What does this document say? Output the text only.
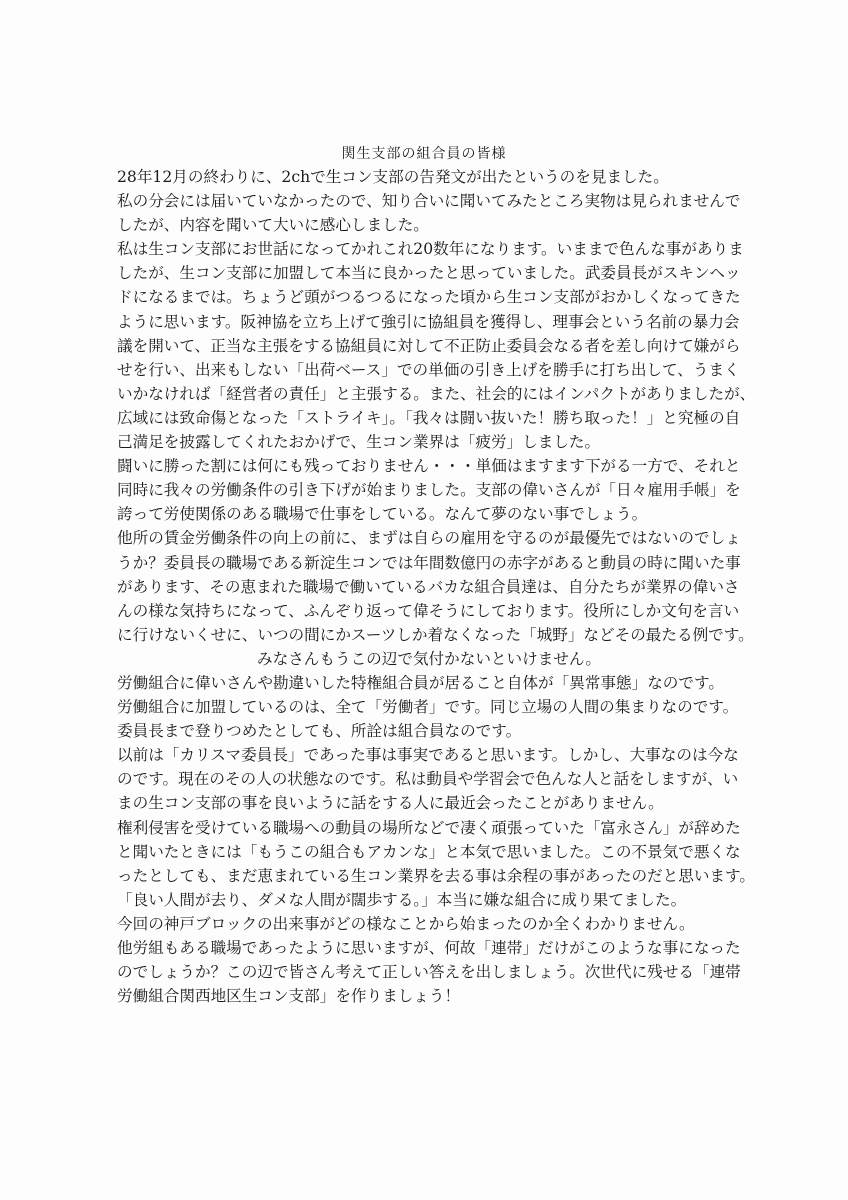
関生支部の組合員の皆様
28年12月の終わりに、2chで生コン支部の告発文が出たというのを見ました。
私の分会には届いていなかったので、知り合いに聞いてみたところ実物は見られませんで
したが、内容を聞いて大いに感心しました。
私は生コン支部にお世話になってかれこれ20数年になります。いままで色んな事がありま
したが、生コン支部に加盟して本当に良かったと思っていました。武委員長がスキンヘッ
ドになるまでは。ちょうど頭がつるつるになった頃から生コン支部がおかしくなってきた
ように思います。阪神協を立ち上げて強引に協組員を獲得し、理事会という名前の暴力会
議を開いて、正当な主張をする協組員に対して不正防止委員会なる者を差し向けて嫌がら
せを行い、出来もしない「出荷ベース」での単価の引き上げを勝手に打ち出して、うまく
いかなければ「経営者の責任」と主張する。また、社会的にはインパクトがありましたが、
広域には致命傷となった「ストライキ」。「我々は闘い抜いた！勝ち取った！」と究極の自
己満足を披露してくれたおかげで、生コン業界は「疲労」しました。
闘いに勝った割には何にも残っておりません・・・単価はますます下がる一方で、それと
同時に我々の労働条件の引き下げが始まりました。支部の偉いさんが「日々雇用手帳」を
誇って労使関係のある職場で仕事をしている。なんて夢のない事でしょう。
他所の賃金労働条件の向上の前に、まずは自らの雇用を守るのが最優先ではないのでしょ
うか？委員長の職場である新淀生コンでは年間数億円の赤字があると動員の時に聞いた事
があります、その恵まれた職場で働いているバカな組合員達は、自分たちが業界の偉いさ
んの様な気持ちになって、ふんぞり返って偉そうにしております。役所にしか文句を言い
に行けないくせに、いつの間にかスーツしか着なくなった「城野」などその最たる例です。
みなさんもうこの辺で気付かないといけません。
労働組合に偉いさんや勘違いした特権組合員が居ること自体が「異常事態」なのです。
労働組合に加盟しているのは、全て「労働者」です。同じ立場の人間の集まりなのです。
委員長まで登りつめたとしても、所詮は組合員なのです。
以前は「カリスマ委員長」であった事は事実であると思います。しかし、大事なのは今な
のです。現在のその人の状態なのです。私は動員や学習会で色んな人と話をしますが、い
まの生コン支部の事を良いように話をする人に最近会ったことがありません。
権利侵害を受けている職場への動員の場所などで凄く頑張っていた「富永さん」が辞めた
と聞いたときには「もうこの組合もアカンな」と本気で思いました。この不景気で悪くな
ったとしても、まだ恵まれている生コン業界を去る事は余程の事があったのだと思います。
「良い人間が去り、ダメな人間が闊歩する。」本当に嫌な組合に成り果てました。
今回の神戸ブロックの出来事がどの様なことから始まったのか全くわかりません。
他労組もある職場であったように思いますが、何故「連帯」だけがこのような事になった
のでしょうか？この辺で皆さん考えて正しい答えを出しましょう。次世代に残せる「連帯
労働組合関西地区生コン支部」を作りましょう！
